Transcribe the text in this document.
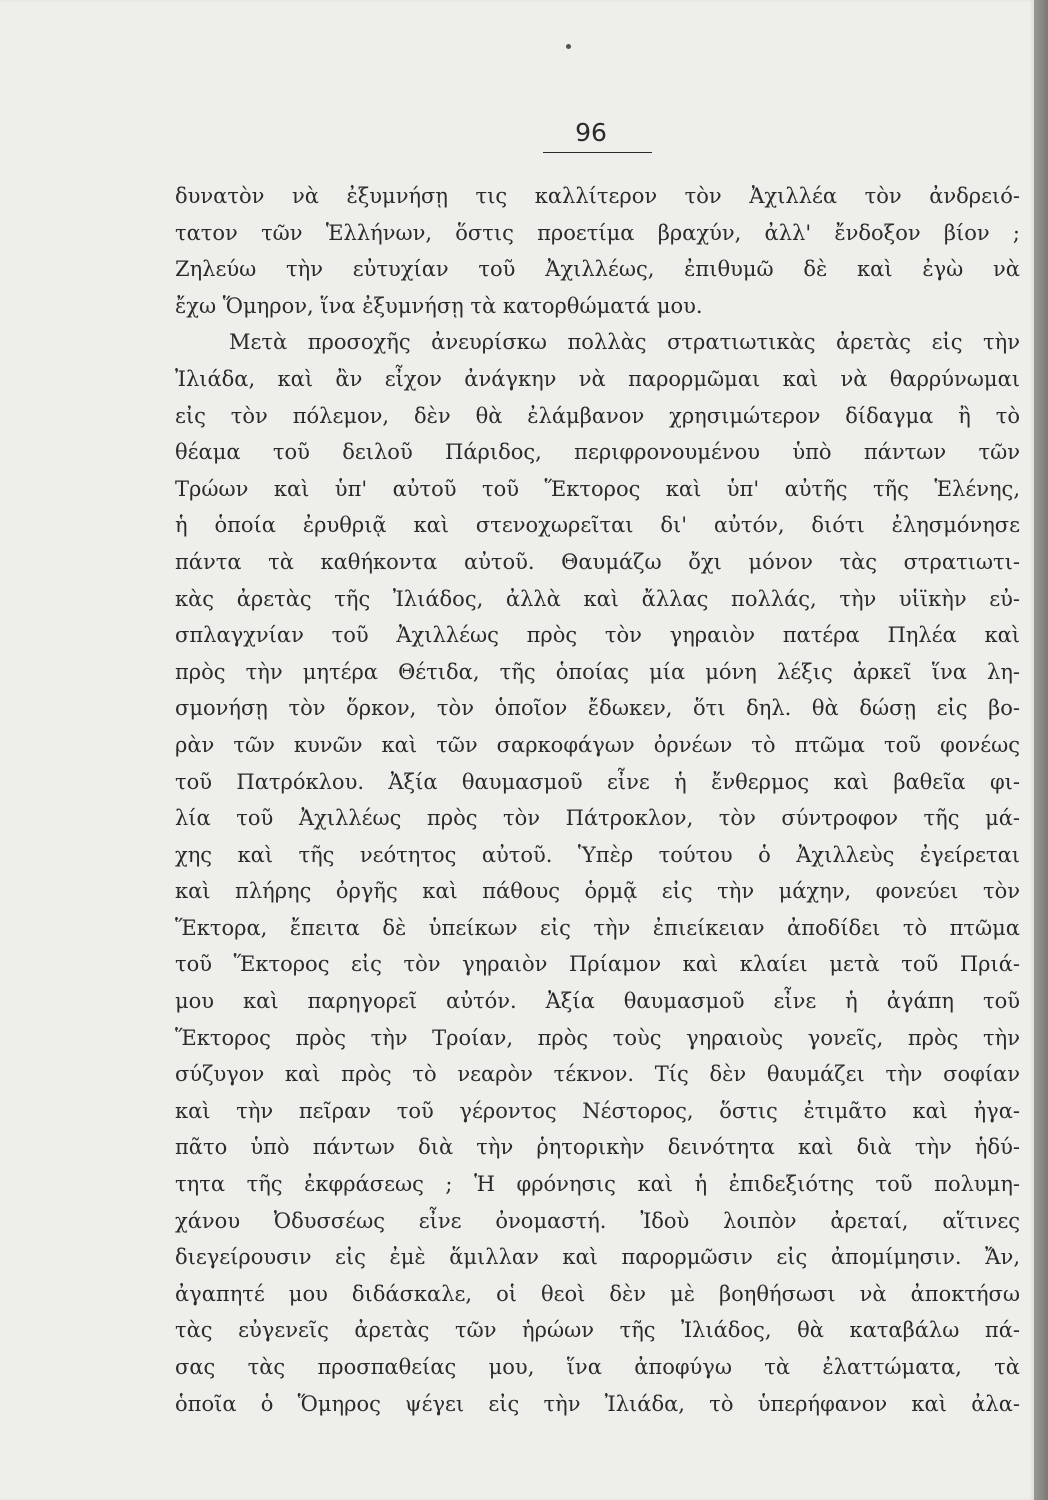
96
δυνατὸν νὰ ἐξυμνήσῃ τις καλλίτερον τὸν Ἀχιλλέα τὸν ἀνδρειό-
τατον τῶν Ἑλλήνων, ὅστις προετίμα βραχύν, ἀλλ' ἔνδοξον βίον ;
Ζηλεύω τὴν εὐτυχίαν τοῦ Ἀχιλλέως, ἐπιθυμῶ δὲ καὶ ἐγὼ νὰ
ἔχω Ὅμηρον, ἵνα ἐξυμνήσῃ τὰ κατορθώματά μου.
Μετὰ προσοχῆς ἀνευρίσκω πολλὰς στρατιωτικὰς ἀρετὰς εἰς τὴν
Ἰλιάδα, καὶ ἂν εἶχον ἀνάγκην νὰ παρορμῶμαι καὶ νὰ θαρρύνωμαι
εἰς τὸν πόλεμον, δὲν θὰ ἐλάμβανον χρησιμώτερον δίδαγμα ἢ τὸ
θέαμα τοῦ δειλοῦ Πάριδος, περιφρονουμένου ὑπὸ πάντων τῶν
Τρώων καὶ ὑπ' αὐτοῦ τοῦ Ἕκτορος καὶ ὑπ' αὐτῆς τῆς Ἑλένης,
ἡ ὁποία ἐρυθριᾷ καὶ στενοχωρεῖται δι' αὐτόν, διότι ἐλησμόνησε
πάντα τὰ καθήκοντα αὐτοῦ. Θαυμάζω ὄχι μόνον τὰς στρατιωτι-
κὰς ἀρετὰς τῆς Ἰλιάδος, ἀλλὰ καὶ ἄλλας πολλάς, τὴν υἱϊκὴν εὐ-
σπλαγχνίαν τοῦ Ἀχιλλέως πρὸς τὸν γηραιὸν πατέρα Πηλέα καὶ
πρὸς τὴν μητέρα Θέτιδα, τῆς ὁποίας μία μόνη λέξις ἀρκεῖ ἵνα λη-
σμονήσῃ τὸν ὅρκον, τὸν ὁποῖον ἔδωκεν, ὅτι δηλ. θὰ δώσῃ εἰς βο-
ρὰν τῶν κυνῶν καὶ τῶν σαρκοφάγων ὀρνέων τὸ πτῶμα τοῦ φονέως
τοῦ Πατρόκλου. Ἀξία θαυμασμοῦ εἶνε ἡ ἔνθερμος καὶ βαθεῖα φι-
λία τοῦ Ἀχιλλέως πρὸς τὸν Πάτροκλον, τὸν σύντροφον τῆς μά-
χης καὶ τῆς νεότητος αὐτοῦ. Ὑπὲρ τούτου ὁ Ἀχιλλεὺς ἐγείρεται
καὶ πλήρης ὀργῆς καὶ πάθους ὁρμᾷ εἰς τὴν μάχην, φονεύει τὸν
Ἕκτορα, ἔπειτα δὲ ὑπείκων εἰς τὴν ἐπιείκειαν ἀποδίδει τὸ πτῶμα
τοῦ Ἕκτορος εἰς τὸν γηραιὸν Πρίαμον καὶ κλαίει μετὰ τοῦ Πριά-
μου καὶ παρηγορεῖ αὐτόν. Ἀξία θαυμασμοῦ εἶνε ἡ ἀγάπη τοῦ
Ἕκτορος πρὸς τὴν Τροίαν, πρὸς τοὺς γηραιοὺς γονεῖς, πρὸς τὴν
σύζυγον καὶ πρὸς τὸ νεαρὸν τέκνον. Τίς δὲν θαυμάζει τὴν σοφίαν
καὶ τὴν πεῖραν τοῦ γέροντος Νέστορος, ὅστις ἐτιμᾶτο καὶ ἠγα-
πᾶτο ὑπὸ πάντων διὰ τὴν ῥητορικὴν δεινότητα καὶ διὰ τὴν ἡδύ-
τητα τῆς ἐκφράσεως ; Ἡ φρόνησις καὶ ἡ ἐπιδεξιότης τοῦ πολυμη-
χάνου Ὀδυσσέως εἶνε ὀνομαστή. Ἰδοὺ λοιπὸν ἀρεταί, αἵτινες
διεγείρουσιν εἰς ἐμὲ ἅμιλλαν καὶ παρορμῶσιν εἰς ἀπομίμησιν. Ἄν,
ἀγαπητέ μου διδάσκαλε, οἱ θεοὶ δὲν μὲ βοηθήσωσι νὰ ἀποκτήσω
τὰς εὐγενεῖς ἀρετὰς τῶν ἡρώων τῆς Ἰλιάδος, θὰ καταβάλω πά-
σας τὰς προσπαθείας μου, ἵνα ἀποφύγω τὰ ἐλαττώματα, τὰ
ὁποῖα ὁ Ὅμηρος ψέγει εἰς τὴν Ἰλιάδα, τὸ ὑπερήφανον καὶ ἀλα-
